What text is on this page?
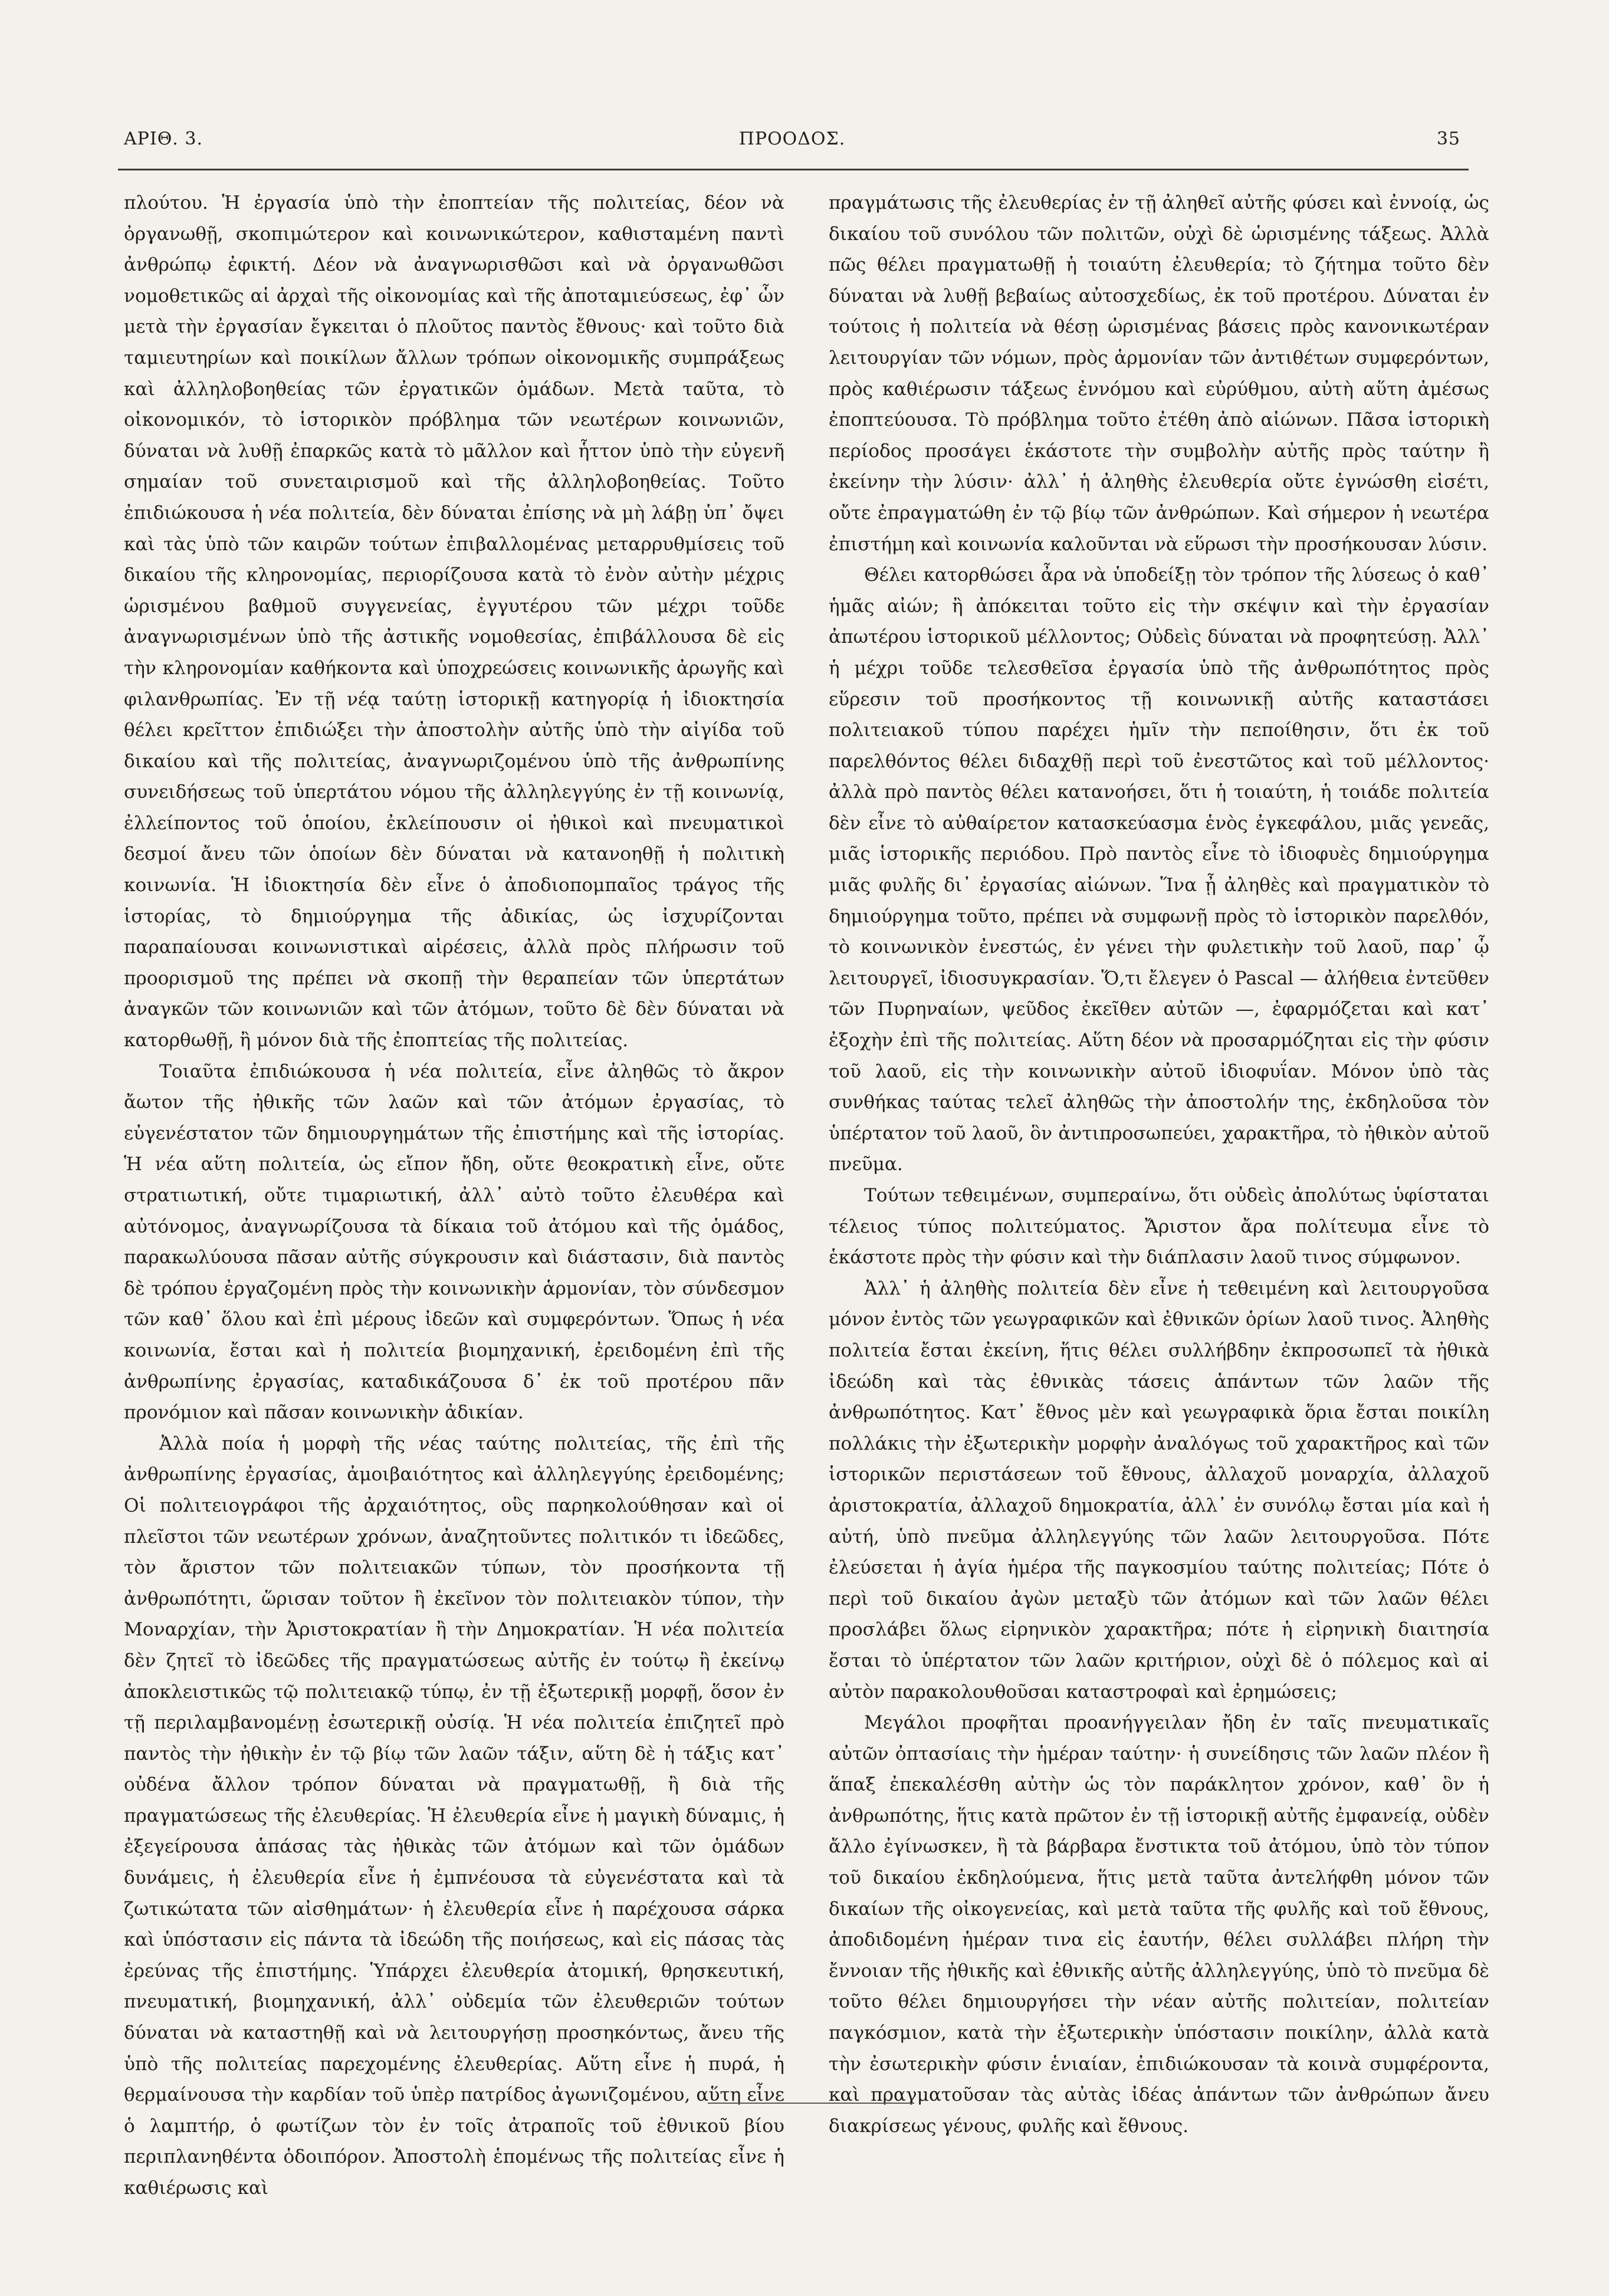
ΑΡΙΘ. 3.	ΠΡΟΟΔΟΣ.	35

πλούτου. Ἡ ἐργασία ὑπὸ τὴν ἐποπτείαν τῆς πολιτείας, δέον νὰ ὀργανωθῇ, σκοπιμώτερον καὶ κοινωνικώτερον, καθισταμένη παντὶ ἀνθρώπῳ ἐφικτή. Δέον νὰ ἀναγνωρισθῶσι καὶ νὰ ὀργανωθῶσι νομοθετικῶς αἱ ἀρχαὶ τῆς οἰκονομίας καὶ τῆς ἀποταμιεύσεως, ἐφ᾽ ὧν μετὰ τὴν ἐργασίαν ἔγκειται ὁ πλοῦτος παντὸς ἔθνους· καὶ τοῦτο διὰ ταμιευτηρίων καὶ ποικίλων ἄλλων τρόπων οἰκονομικῆς συμπράξεως καὶ ἀλληλοβοηθείας τῶν ἐργατικῶν ὁμάδων. Μετὰ ταῦτα, τὸ οἰκονομικόν, τὸ ἱστορικὸν πρόβλημα τῶν νεωτέρων κοινωνιῶν, δύναται νὰ λυθῇ ἐπαρκῶς κατὰ τὸ μᾶλλον καὶ ἧττον ὑπὸ τὴν εὐγενῆ σημαίαν τοῦ συνεταιρισμοῦ καὶ τῆς ἀλληλοβοηθείας. Τοῦτο ἐπιδιώκουσα ἡ νέα πολιτεία, δὲν δύναται ἐπίσης νὰ μὴ λάβῃ ὑπ᾽ ὄψει καὶ τὰς ὑπὸ τῶν καιρῶν τούτων ἐπιβαλλομένας μεταρρυθμίσεις τοῦ δικαίου τῆς κληρονομίας, περιορίζουσα κατὰ τὸ ἐνὸν αὐτὴν μέχρις ὡρισμένου βαθμοῦ συγγενείας, ἐγγυτέρου τῶν μέχρι τοῦδε ἀναγνωρισμένων ὑπὸ τῆς ἀστικῆς νομοθεσίας, ἐπιβάλλουσα δὲ εἰς τὴν κληρονομίαν καθήκοντα καὶ ὑποχρεώσεις κοινωνικῆς ἀρωγῆς καὶ φιλανθρωπίας. Ἐν τῇ νέᾳ ταύτῃ ἱστορικῇ κατηγορίᾳ ἡ ἰδιοκτησία θέλει κρεῖττον ἐπιδιώξει τὴν ἀποστολὴν αὐτῆς ὑπὸ τὴν αἰγίδα τοῦ δικαίου καὶ τῆς πολιτείας, ἀναγνωριζομένου ὑπὸ τῆς ἀνθρωπίνης συνειδήσεως τοῦ ὑπερτάτου νόμου τῆς ἀλληλεγγύης ἐν τῇ κοινωνίᾳ, ἐλλείποντος τοῦ ὁποίου, ἐκλείπουσιν οἱ ἠθικοὶ καὶ πνευματικοὶ δεσμοί ἄνευ τῶν ὁποίων δὲν δύναται νὰ κατανοηθῇ ἡ πολιτικὴ κοινωνία. Ἡ ἰδιοκτησία δὲν εἶνε ὁ ἀποδιοπομπαῖος τράγος τῆς ἱστορίας, τὸ δημιούργημα τῆς ἀδικίας, ὡς ἰσχυρίζονται παραπαίουσαι κοινωνιστικαὶ αἱρέσεις, ἀλλὰ πρὸς πλήρωσιν τοῦ προορισμοῦ της πρέπει νὰ σκοπῇ τὴν θεραπείαν τῶν ὑπερτάτων ἀναγκῶν τῶν κοινωνιῶν καὶ τῶν ἀτόμων, τοῦτο δὲ δὲν δύναται νὰ κατορθωθῇ, ἢ μόνον διὰ τῆς ἐποπτείας τῆς πολιτείας.

Τοιαῦτα ἐπιδιώκουσα ἡ νέα πολιτεία, εἶνε ἀληθῶς τὸ ἄκρον ἄωτον τῆς ἠθικῆς τῶν λαῶν καὶ τῶν ἀτόμων ἐργασίας, τὸ εὐγενέστατον τῶν δημιουργημάτων τῆς ἐπιστήμης καὶ τῆς ἱστορίας. Ἡ νέα αὕτη πολιτεία, ὡς εἴπον ἤδη, οὔτε θεοκρατικὴ εἶνε, οὔτε στρατιωτική, οὔτε τιμαριωτική, ἀλλ᾽ αὐτὸ τοῦτο ἐλευθέρα καὶ αὐτόνομος, ἀναγνωρίζουσα τὰ δίκαια τοῦ ἀτόμου καὶ τῆς ὁμάδος, παρακωλύουσα πᾶσαν αὐτῆς σύγκρουσιν καὶ διάστασιν, διὰ παντὸς δὲ τρόπου ἐργαζομένη πρὸς τὴν κοινωνικὴν ἁρμονίαν, τὸν σύνδεσμον τῶν καθ᾽ ὅλου καὶ ἐπὶ μέρους ἰδεῶν καὶ συμφερόντων. Ὅπως ἡ νέα κοινωνία, ἔσται καὶ ἡ πολιτεία βιομηχανική, ἐρειδομένη ἐπὶ τῆς ἀνθρωπίνης ἐργασίας, καταδικάζουσα δ᾽ ἐκ τοῦ προτέρου πᾶν προνόμιον καὶ πᾶσαν κοινωνικὴν ἀδικίαν.

Ἀλλὰ ποία ἡ μορφὴ τῆς νέας ταύτης πολιτείας, τῆς ἐπὶ τῆς ἀνθρωπίνης ἐργασίας, ἀμοιβαιότητος καὶ ἀλληλεγγύης ἐρειδομένης; Οἱ πολιτειογράφοι τῆς ἀρχαιότητος, οὓς παρηκολούθησαν καὶ οἱ πλεῖστοι τῶν νεωτέρων χρόνων, ἀναζητοῦντες πολιτικόν τι ἰδεῶδες, τὸν ἄριστον τῶν πολιτειακῶν τύπων, τὸν προσήκοντα τῇ ἀνθρωπότητι, ὥρισαν τοῦτον ἢ ἐκεῖνον τὸν πολιτειακὸν τύπον, τὴν Μοναρχίαν, τὴν Ἀριστοκρατίαν ἢ τὴν Δημοκρατίαν. Ἡ νέα πολιτεία δὲν ζητεῖ τὸ ἰδεῶδες τῆς πραγματώσεως αὐτῆς ἐν τούτῳ ἢ ἐκείνῳ ἀποκλειστικῶς τῷ πολιτειακῷ τύπῳ, ἐν τῇ ἐξωτερικῇ μορφῇ, ὅσον ἐν τῇ περιλαμβανομένῃ ἐσωτερικῇ οὐσίᾳ. Ἡ νέα πολιτεία ἐπιζητεῖ πρὸ παντὸς τὴν ἠθικὴν ἐν τῷ βίῳ τῶν λαῶν τάξιν, αὕτη δὲ ἡ τάξις κατ᾽ οὐδένα ἄλλον τρόπον δύναται νὰ πραγματωθῇ, ἢ διὰ τῆς πραγματώσεως τῆς ἐλευθερίας. Ἡ ἐλευθερία εἶνε ἡ μαγικὴ δύναμις, ἡ ἐξεγείρουσα ἁπάσας τὰς ἠθικὰς τῶν ἀτόμων καὶ τῶν ὁμάδων δυνάμεις, ἡ ἐλευθερία εἶνε ἡ ἐμπνέουσα τὰ εὐγενέστατα καὶ τὰ ζωτικώτατα τῶν αἰσθημάτων· ἡ ἐλευθερία εἶνε ἡ παρέχουσα σάρκα καὶ ὑπόστασιν εἰς πάντα τὰ ἰδεώδη τῆς ποιήσεως, καὶ εἰς πάσας τὰς ἐρεύνας τῆς ἐπιστήμης. Ὑπάρχει ἐλευθερία ἀτομική, θρησκευτική, πνευματική, βιομηχανική, ἀλλ᾽ οὐδεμία τῶν ἐλευθεριῶν τούτων δύναται νὰ καταστηθῇ καὶ νὰ λειτουργήσῃ προσηκόντως, ἄνευ τῆς ὑπὸ τῆς πολιτείας παρεχομένης ἐλευθερίας. Αὕτη εἶνε ἡ πυρά, ἡ θερμαίνουσα τὴν καρδίαν τοῦ ὑπὲρ πατρίδος ἀγωνιζομένου, αὕτη εἶνε ὁ λαμπτήρ, ὁ φωτίζων τὸν ἐν τοῖς ἀτραποῖς τοῦ ἐθνικοῦ βίου περιπλανηθέντα ὁδοιπόρον. Ἀποστολὴ ἑπομένως τῆς πολιτείας εἶνε ἡ καθιέρωσις καὶ

πραγμάτωσις τῆς ἐλευθερίας ἐν τῇ ἀληθεῖ αὐτῆς φύσει καὶ ἐννοίᾳ, ὡς δικαίου τοῦ συνόλου τῶν πολιτῶν, οὐχὶ δὲ ὡρισμένης τάξεως. Ἀλλὰ πῶς θέλει πραγματωθῇ ἡ τοιαύτη ἐλευθερία; τὸ ζήτημα τοῦτο δὲν δύναται νὰ λυθῇ βεβαίως αὐτοσχεδίως, ἐκ τοῦ προτέρου. Δύναται ἐν τούτοις ἡ πολιτεία νὰ θέσῃ ὡρισμένας βάσεις πρὸς κανονικωτέραν λειτουργίαν τῶν νόμων, πρὸς ἁρμονίαν τῶν ἀντιθέτων συμφερόντων, πρὸς καθιέρωσιν τάξεως ἐννόμου καὶ εὐρύθμου, αὐτὴ αὕτη ἀμέσως ἐποπτεύουσα. Τὸ πρόβλημα τοῦτο ἐτέθη ἀπὸ αἰώνων. Πᾶσα ἱστορικὴ περίοδος προσάγει ἑκάστοτε τὴν συμβολὴν αὐτῆς πρὸς ταύτην ἢ ἐκείνην τὴν λύσιν· ἀλλ᾽ ἡ ἀληθὴς ἐλευθερία οὔτε ἐγνώσθη εἰσέτι, οὔτε ἐπραγματώθη ἐν τῷ βίῳ τῶν ἀνθρώπων. Καὶ σήμερον ἡ νεωτέρα ἐπιστήμη καὶ κοινωνία καλοῦνται νὰ εὕρωσι τὴν προσήκουσαν λύσιν.

Θέλει κατορθώσει ἆρα νὰ ὑποδείξῃ τὸν τρόπον τῆς λύσεως ὁ καθ᾽ ἡμᾶς αἰών; ἢ ἀπόκειται τοῦτο εἰς τὴν σκέψιν καὶ τὴν ἐργασίαν ἀπωτέρου ἱστορικοῦ μέλλοντος; Οὐδεὶς δύναται νὰ προφητεύσῃ. Ἀλλ᾽ ἡ μέχρι τοῦδε τελεσθεῖσα ἐργασία ὑπὸ τῆς ἀνθρωπότητος πρὸς εὕρεσιν τοῦ προσήκοντος τῇ κοινωνικῇ αὐτῆς καταστάσει πολιτειακοῦ τύπου παρέχει ἡμῖν τὴν πεποίθησιν, ὅτι ἐκ τοῦ παρελθόντος θέλει διδαχθῇ περὶ τοῦ ἐνεστῶτος καὶ τοῦ μέλλοντος· ἀλλὰ πρὸ παντὸς θέλει κατανοήσει, ὅτι ἡ τοιαύτη, ἡ τοιάδε πολιτεία δὲν εἶνε τὸ αὐθαίρετον κατασκεύασμα ἑνὸς ἐγκεφάλου, μιᾶς γενεᾶς, μιᾶς ἱστορικῆς περιόδου. Πρὸ παντὸς εἶνε τὸ ἰδιοφυὲς δημιούργημα μιᾶς φυλῆς δι᾽ ἐργασίας αἰώνων. Ἵνα ᾖ ἀληθὲς καὶ πραγματικὸν τὸ δημιούργημα τοῦτο, πρέπει νὰ συμφωνῇ πρὸς τὸ ἱστορικὸν παρελθόν, τὸ κοινωνικὸν ἐνεστώς, ἐν γένει τὴν φυλετικὴν τοῦ λαοῦ, παρ᾽ ᾧ λειτουργεῖ, ἰδιοσυγκρασίαν. Ὅ,τι ἔλεγεν ὁ Pascal — ἀλήθεια ἐντεῦθεν τῶν Πυρηναίων, ψεῦδος ἐκεῖθεν αὐτῶν —, ἐφαρμόζεται καὶ κατ᾽ ἐξοχὴν ἐπὶ τῆς πολιτείας. Αὕτη δέον νὰ προσαρμόζηται εἰς τὴν φύσιν τοῦ λαοῦ, εἰς τὴν κοινωνικὴν αὐτοῦ ἰδιοφυΐαν. Μόνον ὑπὸ τὰς συνθήκας ταύτας τελεῖ ἀληθῶς τὴν ἀποστολήν της, ἐκδηλοῦσα τὸν ὑπέρτατον τοῦ λαοῦ, ὃν ἀντιπροσωπεύει, χαρακτῆρα, τὸ ἠθικὸν αὐτοῦ πνεῦμα.

Τούτων τεθειμένων, συμπεραίνω, ὅτι οὐδεὶς ἀπολύτως ὑφίσταται τέλειος τύπος πολιτεύματος. Ἄριστον ἄρα πολίτευμα εἶνε τὸ ἑκάστοτε πρὸς τὴν φύσιν καὶ τὴν διάπλασιν λαοῦ τινος σύμφωνον.

Ἀλλ᾽ ἡ ἀληθὴς πολιτεία δὲν εἶνε ἡ τεθειμένη καὶ λειτουργοῦσα μόνον ἐντὸς τῶν γεωγραφικῶν καὶ ἐθνικῶν ὁρίων λαοῦ τινος. Ἀληθὴς πολιτεία ἔσται ἐκείνη, ἥτις θέλει συλλήβδην ἐκπροσωπεῖ τὰ ἠθικὰ ἰδεώδη καὶ τὰς ἐθνικὰς τάσεις ἁπάντων τῶν λαῶν τῆς ἀνθρωπότητος. Κατ᾽ ἔθνος μὲν καὶ γεωγραφικὰ ὅρια ἔσται ποικίλη πολλάκις τὴν ἐξωτερικὴν μορφὴν ἀναλόγως τοῦ χαρακτῆρος καὶ τῶν ἱστορικῶν περιστάσεων τοῦ ἔθνους, ἀλλαχοῦ μοναρχία, ἀλλαχοῦ ἀριστοκρατία, ἀλλαχοῦ δημοκρατία, ἀλλ᾽ ἐν συνόλῳ ἔσται μία καὶ ἡ αὐτή, ὑπὸ πνεῦμα ἀλληλεγγύης τῶν λαῶν λειτουργοῦσα. Πότε ἐλεύσεται ἡ ἁγία ἡμέρα τῆς παγκοσμίου ταύτης πολιτείας; Πότε ὁ περὶ τοῦ δικαίου ἀγὼν μεταξὺ τῶν ἀτόμων καὶ τῶν λαῶν θέλει προσλάβει ὅλως εἰρηνικὸν χαρακτῆρα; πότε ἡ εἰρηνικὴ διαιτησία ἔσται τὸ ὑπέρτατον τῶν λαῶν κριτήριον, οὐχὶ δὲ ὁ πόλεμος καὶ αἱ αὐτὸν παρακολουθοῦσαι καταστροφαὶ καὶ ἐρημώσεις;

Μεγάλοι προφῆται προανήγγειλαν ἤδη ἐν ταῖς πνευματικαῖς αὐτῶν ὀπτασίαις τὴν ἡμέραν ταύτην· ἡ συνείδησις τῶν λαῶν πλέον ἢ ἅπαξ ἐπεκαλέσθη αὐτὴν ὡς τὸν παράκλητον χρόνον, καθ᾽ ὃν ἡ ἀνθρωπότης, ἥτις κατὰ πρῶτον ἐν τῇ ἱστορικῇ αὐτῆς ἐμφανείᾳ, οὐδὲν ἄλλο ἐγίνωσκεν, ἢ τὰ βάρβαρα ἔνστικτα τοῦ ἀτόμου, ὑπὸ τὸν τύπον τοῦ δικαίου ἐκδηλούμενα, ἥτις μετὰ ταῦτα ἀντελήφθη μόνον τῶν δικαίων τῆς οἰκογενείας, καὶ μετὰ ταῦτα τῆς φυλῆς καὶ τοῦ ἔθνους, ἀποδιδομένη ἡμέραν τινα εἰς ἑαυτήν, θέλει συλλάβει πλήρη τὴν ἔννοιαν τῆς ἠθικῆς καὶ ἐθνικῆς αὐτῆς ἀλληλεγγύης, ὑπὸ τὸ πνεῦμα δὲ τοῦτο θέλει δημιουργήσει τὴν νέαν αὐτῆς πολιτείαν, πολιτείαν παγκόσμιον, κατὰ τὴν ἐξωτερικὴν ὑπόστασιν ποικίλην, ἀλλὰ κατὰ τὴν ἐσωτερικὴν φύσιν ἑνιαίαν, ἐπιδιώκουσαν τὰ κοινὰ συμφέροντα, καὶ πραγματοῦσαν τὰς αὐτὰς ἰδέας ἁπάντων τῶν ἀνθρώπων ἄνευ διακρίσεως γένους, φυλῆς καὶ ἔθνους.
